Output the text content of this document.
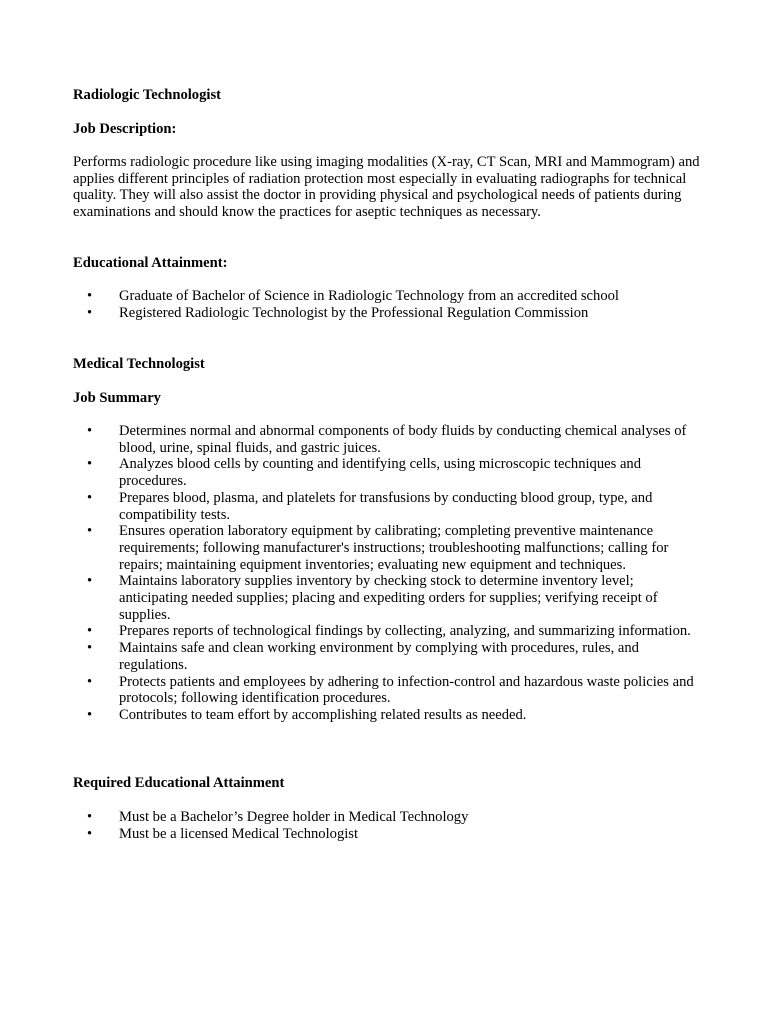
Radiologic Technologist

Job Description:

Performs radiologic procedure like using imaging modalities (X-ray, CT Scan, MRI and Mammogram) and applies different principles of radiation protection most especially in evaluating radiographs for technical quality. They will also assist the doctor in providing physical and psychological needs of patients during examinations and should know the practices for aseptic techniques as necessary.

Educational Attainment:

• Graduate of Bachelor of Science in Radiologic Technology from an accredited school
• Registered Radiologic Technologist by the Professional Regulation Commission

Medical Technologist

Job Summary

• Determines normal and abnormal components of body fluids by conducting chemical analyses of blood, urine, spinal fluids, and gastric juices.
• Analyzes blood cells by counting and identifying cells, using microscopic techniques and procedures.
• Prepares blood, plasma, and platelets for transfusions by conducting blood group, type, and compatibility tests.
• Ensures operation laboratory equipment by calibrating; completing preventive maintenance requirements; following manufacturer's instructions; troubleshooting malfunctions; calling for repairs; maintaining equipment inventories; evaluating new equipment and techniques.
• Maintains laboratory supplies inventory by checking stock to determine inventory level; anticipating needed supplies; placing and expediting orders for supplies; verifying receipt of supplies.
• Prepares reports of technological findings by collecting, analyzing, and summarizing information.
• Maintains safe and clean working environment by complying with procedures, rules, and regulations.
• Protects patients and employees by adhering to infection-control and hazardous waste policies and protocols; following identification procedures.
• Contributes to team effort by accomplishing related results as needed.

Required Educational Attainment

• Must be a Bachelor’s Degree holder in Medical Technology
• Must be a licensed Medical Technologist
